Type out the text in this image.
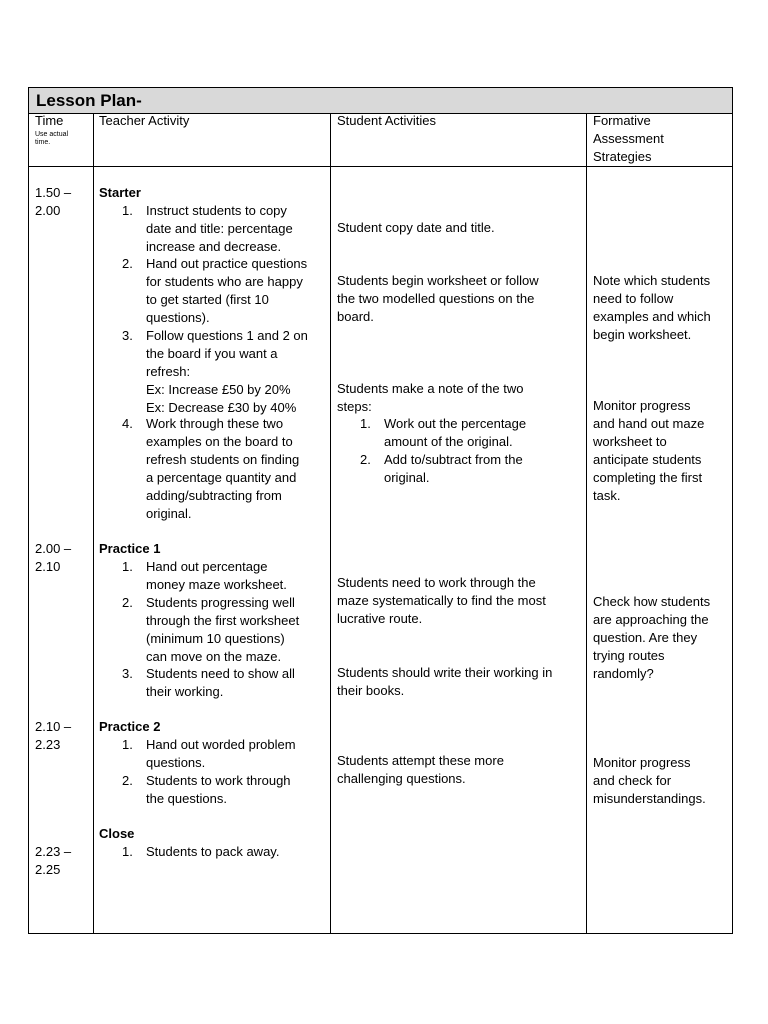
Lesson Plan-
Time
Use actual
time.
Teacher Activity	Student Activities	Formative
Assessment
Strategies
1.50 –
2.00
2.00 –
2.10
2.10 –
2.23
2.23 –
2.25
Starter
Practice 1
Practice 2
Close
Student copy date and title.
Students begin worksheet or follow
the two modelled questions on the
board.
Students make a note of the two
steps:
Students need to work through the
maze systematically to find the most
lucrative route.
Students should write their working in
their books.
Students attempt these more
challenging questions.
Note which students
need to follow
examples and which
begin worksheet.
Monitor progress
and hand out maze
worksheet to
anticipate students
completing the first
task.
Check how students
are approaching the
question. Are they
trying routes
randomly?
Monitor progress
and check for
misunderstandings.
1. Instruct students to copy
date and title: percentage
increase and decrease.
2. Hand out practice questions
for students who are happy
to get started (first 10
questions).
3. Follow questions 1 and 2 on
the board if you want a
refresh:
Ex: Increase £50 by 20%
Ex: Decrease £30 by 40%
4. Work through these two
examples on the board to
refresh students on finding
a percentage quantity and
adding/subtracting from
original.
1. Hand out percentage
money maze worksheet.
2. Students progressing well
through the first worksheet
(minimum 10 questions)
can move on the maze.
3. Students need to show all
their working.
1. Hand out worded problem
questions.
2. Students to work through
the questions.
1. Students to pack away.
1. Work out the percentage
amount of the original.
2. Add to/subtract from the
original.
